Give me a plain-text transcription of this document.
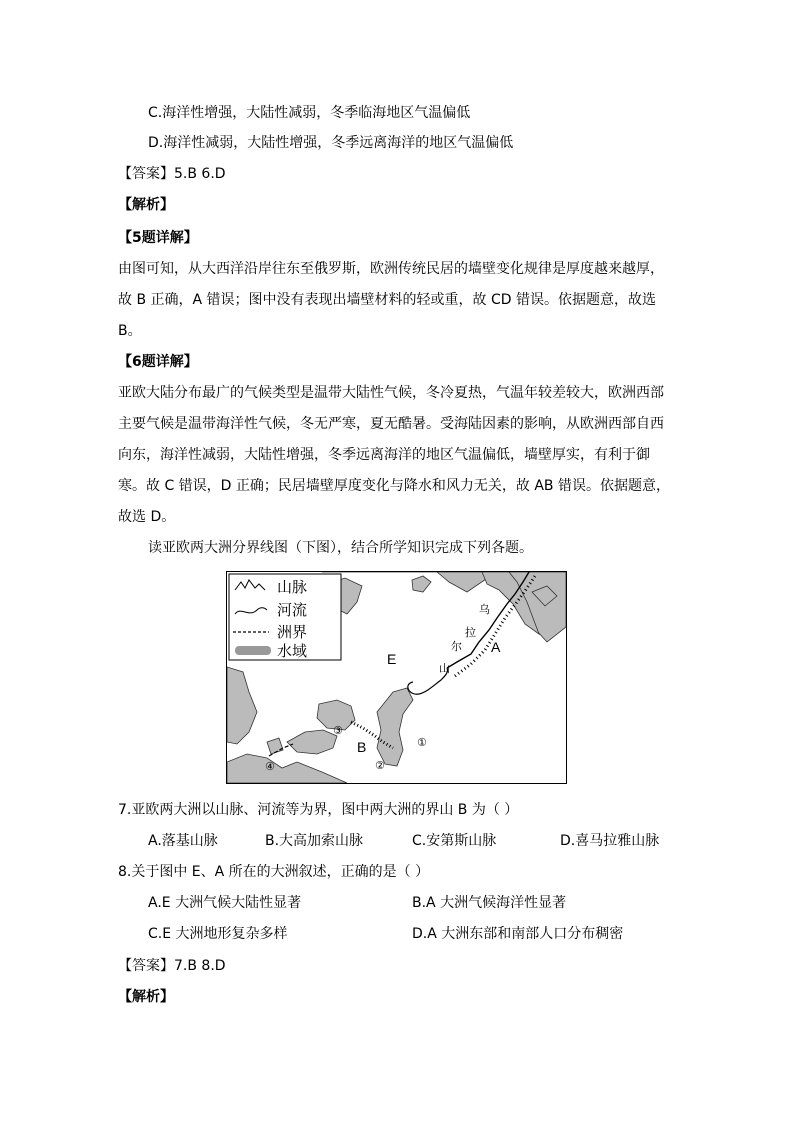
C.海洋性增强，大陆性减弱，冬季临海地区气温偏低
D.海洋性减弱，大陆性增强，冬季远离海洋的地区气温偏低
【答案】5.B 6.D
【解析】
【5题详解】
由图可知，从大西洋沿岸往东至俄罗斯，欧洲传统民居的墙壁变化规律是厚度越来越厚，
故 B 正确，A 错误；图中没有表现出墙壁材料的轻或重，故 CD 错误。依据题意，故选
B。
【6题详解】
亚欧大陆分布最广的气候类型是温带大陆性气候，冬冷夏热，气温年较差较大，欧洲西部
主要气候是温带海洋性气候，冬无严寒，夏无酷暑。受海陆因素的影响，从欧洲西部自西
向东，海洋性减弱，大陆性增强，冬季远离海洋的地区气温偏低，墙壁厚实，有利于御
寒。故 C 错误，D 正确；民居墙壁厚度变化与降水和风力无关，故 AB 错误。依据题意，
故选 D。
读亚欧两大洲分界线图（下图），结合所学知识完成下列各题。
山脉
河流
洲界
水域	E
A
B
乌
拉
尔
山
①
②
③
④
7.亚欧两大洲以山脉、河流等为界，图中两大洲的界山 B 为（ ）
A.落基山脉	B.大高加索山脉	C.安第斯山脉	D.喜马拉雅山脉
8.关于图中 E、A 所在的大洲叙述，正确的是（ ）
A.E 大洲气候大陆性显著	B.A 大洲气候海洋性显著
C.E 大洲地形复杂多样	D.A 大洲东部和南部人口分布稠密
【答案】7.B 8.D
【解析】
